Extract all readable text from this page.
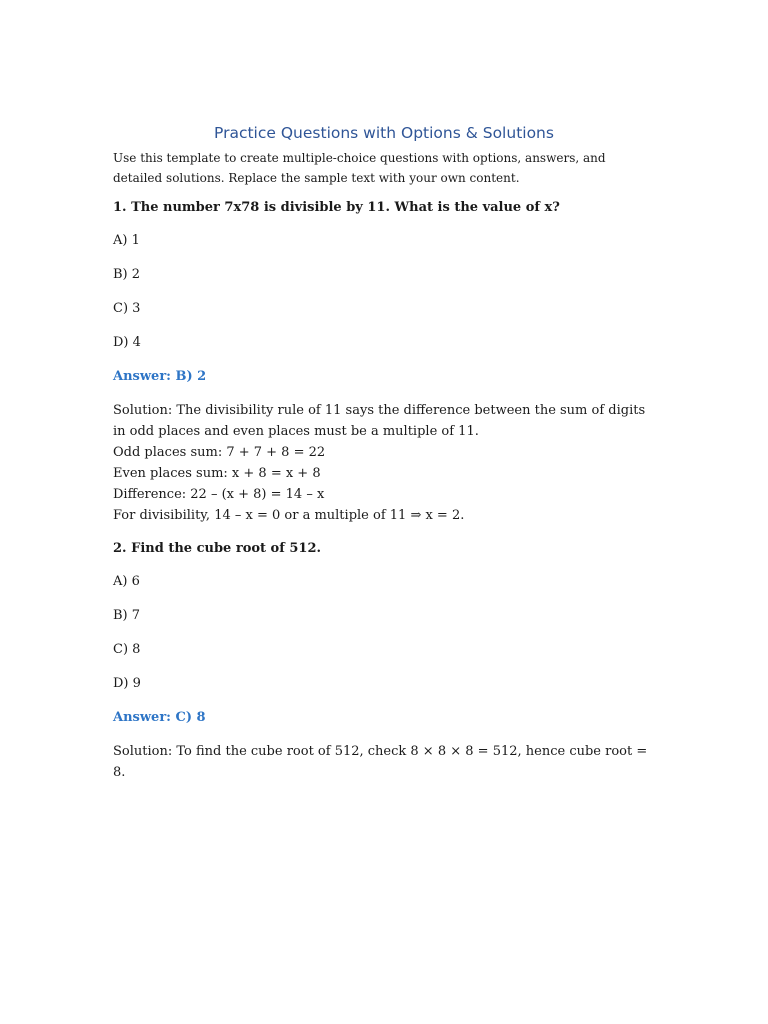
Practice Questions with Options & Solutions

Use this template to create multiple-choice questions with options, answers, and detailed solutions. Replace the sample text with your own content.

1. The number 7x78 is divisible by 11. What is the value of x?

A) 1

B) 2

C) 3

D) 4

Answer: B) 2

Solution: The divisibility rule of 11 says the difference between the sum of digits in odd places and even places must be a multiple of 11.
Odd places sum: 7 + 7 + 8 = 22
Even places sum: x + 8 = x + 8
Difference: 22 – (x + 8) = 14 – x
For divisibility, 14 – x = 0 or a multiple of 11 ⇒ x = 2.

2. Find the cube root of 512.

A) 6

B) 7

C) 8

D) 9

Answer: C) 8

Solution: To find the cube root of 512, check 8 × 8 × 8 = 512, hence cube root = 8.
